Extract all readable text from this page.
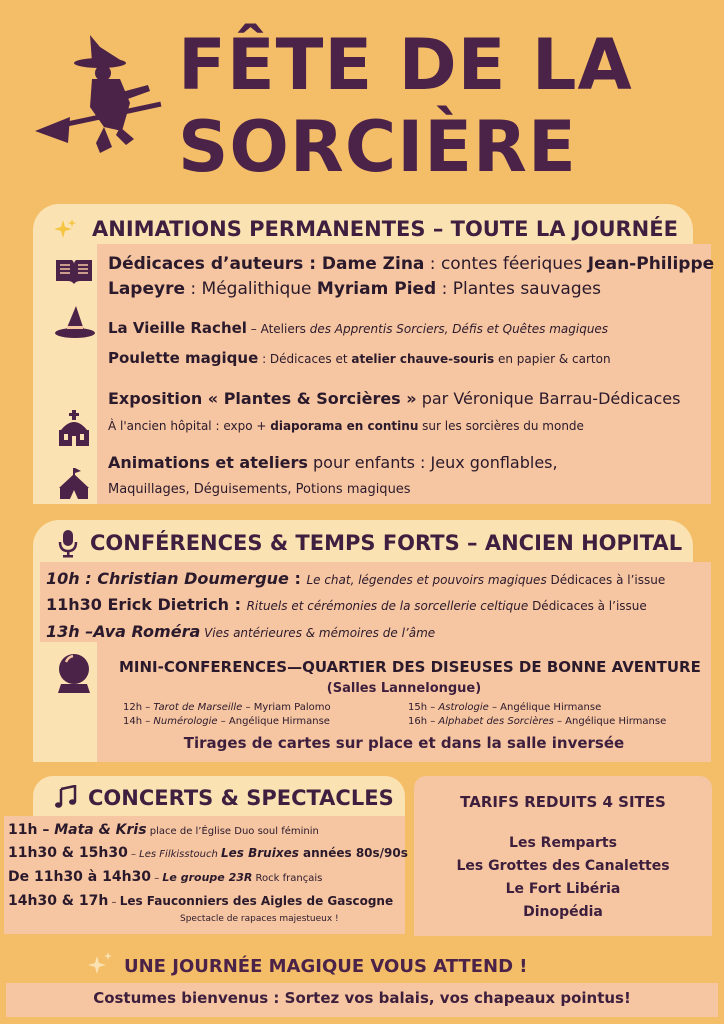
FÊTE DE LA
SORCIÈRE
ANIMATIONS PERMANENTES – TOUTE LA JOURNÉE
Dédicaces d’auteurs : Dame Zina : contes féeriques Jean-Philippe
Lapeyre : Mégalithique Myriam Pied : Plantes sauvages
La Vieille Rachel – Ateliers des Apprentis Sorciers, Défis et Quêtes magiques
Poulette magique : Dédicaces et atelier chauve-souris en papier & carton
Exposition « Plantes & Sorcières » par Véronique Barrau-Dédicaces
À l'ancien hôpital : expo + diaporama en continu sur les sorcières du monde
Animations et ateliers pour enfants : Jeux gonflables,
Maquillages, Déguisements, Potions magiques
CONFÉRENCES & TEMPS FORTS – ANCIEN HOPITAL
10h : Christian Doumergue : Le chat, légendes et pouvoirs magiques Dédicaces à l’issue
11h30 Erick Dietrich : Rituels et cérémonies de la sorcellerie celtique Dédicaces à l’issue
13h –Ava Roméra Vies antérieures & mémoires de l’âme
MINI-CONFERENCES—QUARTIER DES DISEUSES DE BONNE AVENTURE
(Salles Lannelongue)
12h – Tarot de Marseille – Myriam Palomo
14h – Numérologie – Angélique Hirmanse
15h – Astrologie – Angélique Hirmanse
16h – Alphabet des Sorcières – Angélique Hirmanse
Tirages de cartes sur place et dans la salle inversée
CONCERTS & SPECTACLES
11h – Mata & Kris place de l’Église Duo soul féminin
11h30 & 15h30 – Les Filkisstouch Les Bruixes années 80s/90s
De 11h30 à 14h30 – Le groupe 23R Rock français
14h30 & 17h – Les Fauconniers des Aigles de Gascogne
Spectacle de rapaces majestueux !
TARIFS REDUITS 4 SITES
Les Remparts
Les Grottes des Canalettes
Le Fort Libéria
Dinopédia
UNE JOURNÉE MAGIQUE VOUS ATTEND !
Costumes bienvenus : Sortez vos balais, vos chapeaux pointus!
